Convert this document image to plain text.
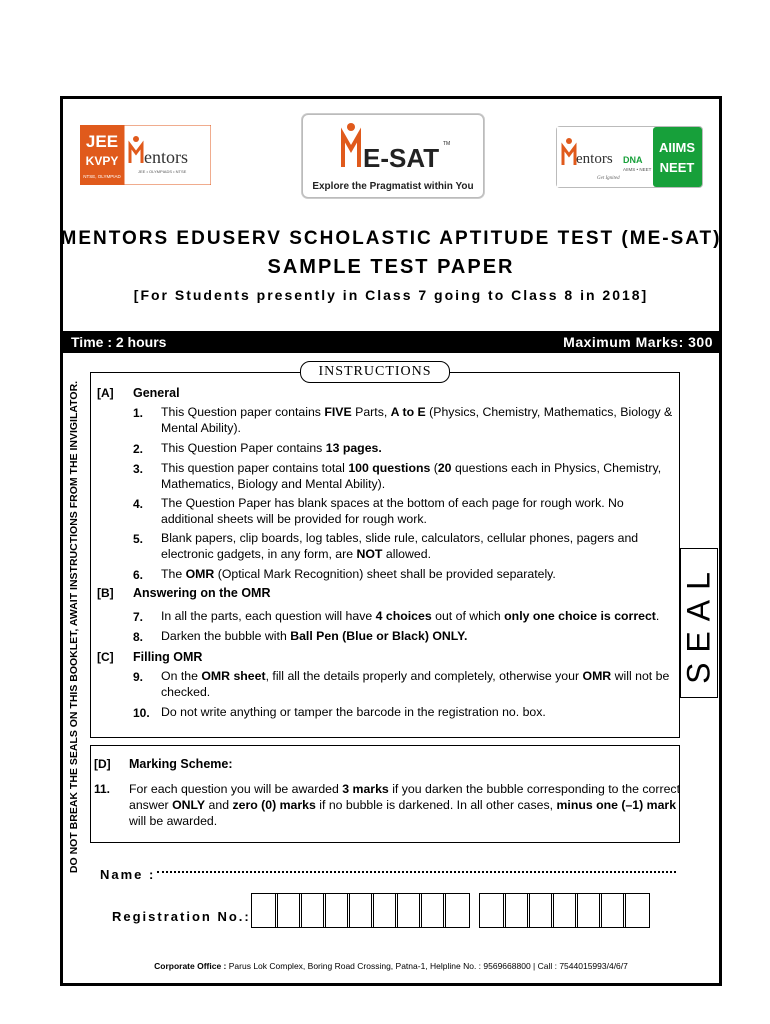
JEE
KVPY
NTSE, OLYMPIAD
entors
JEE • OLYMPIADS • NTSE	E-SAT TM
Explore the Pragmatist within You
entors DNA
AIIMS • NEET
Get Ignited
AIIMS
NEET
MENTORS EDUSERV SCHOLASTIC APTITUDE TEST (ME-SAT)
SAMPLE TEST PAPER
[For Students presently in Class 7 going to Class 8 in 2018]
Time : 2 hours	Maximum Marks: 300
DO NOT BREAK THE SEALS ON THIS BOOKLET, AWAIT INSTRUCTIONS FROM THE INVIGILATOR.
INSTRUCTIONS
[A] General
[B] Answering on the OMR
[C] Filling OMR
1. This Question paper contains FIVE Parts, A to E (Physics, Chemistry, Mathematics, Biology & Mental Ability).
2. This Question Paper contains 13 pages.
3. This question paper contains total 100 questions (20 questions each in Physics, Chemistry, Mathematics, Biology and Mental Ability).
4. The Question Paper has blank spaces at the bottom of each page for rough work. No additional sheets will be provided for rough work.
5. Blank papers, clip boards, log tables, slide rule, calculators, cellular phones, pagers and electronic gadgets, in any form, are NOT allowed.
6. The OMR (Optical Mark Recognition) sheet shall be provided separately.
7. In all the parts, each question will have 4 choices out of which only one choice is correct.
8. Darken the bubble with Ball Pen (Blue or Black) ONLY.
9. On the OMR sheet, fill all the details properly and completely, otherwise your OMR will not be checked.
10. Do not write anything or tamper the barcode in the registration no. box.
SEAL
[D] Marking Scheme:
11. For each question you will be awarded 3 marks if you darken the bubble corresponding to the correct answer ONLY and zero (0) marks if no bubble is darkened. In all other cases, minus one (–1) mark will be awarded.
Name :
Registration No.:
Corporate Office : Parus Lok Complex, Boring Road Crossing, Patna-1, Helpline No. : 9569668800 | Call : 7544015993/4/6/7
